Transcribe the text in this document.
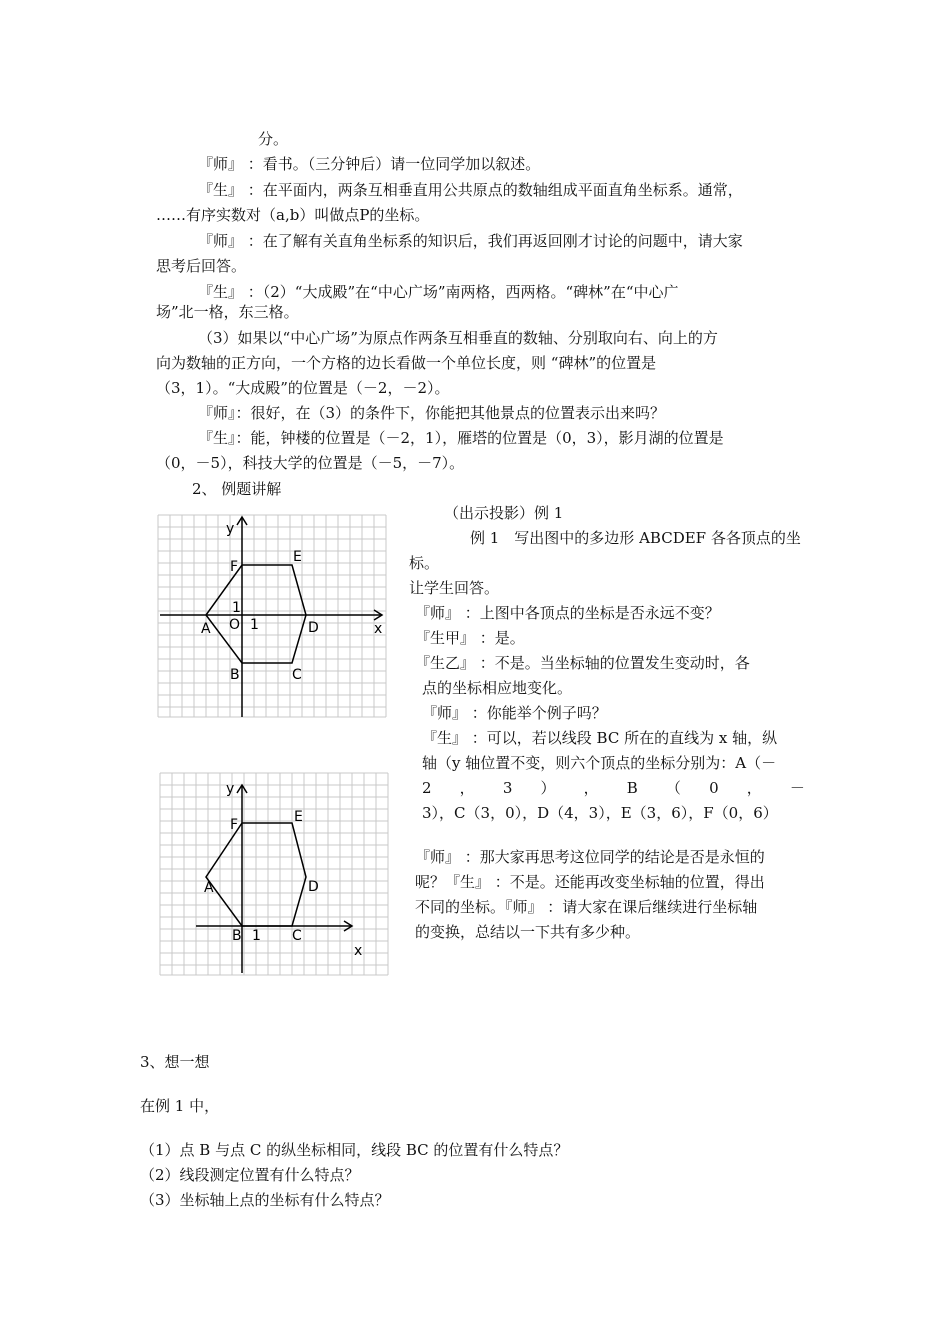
分。
『师』 ：看书。（三分钟后）请一位同学加以叙述。
『生』 ：在平面内，两条互相垂直用公共原点的数轴组成平面直角坐标系。通常，
……有序实数对（a,b）叫做点P的坐标。
『师』 ：在了解有关直角坐标系的知识后，我们再返回刚才讨论的问题中，请大家
思考后回答。
『生』 ：（2）“大成殿”在“中心广场”南两格，西两格。“碑林”在“中心广
场”北一格，东三格。
（3）如果以“中心广场”为原点作两条互相垂直的数轴、分别取向右、向上的方
向为数轴的正方向，一个方格的边长看做一个单位长度，则 “碑林”的位置是
（3，1）。“大成殿”的位置是（－2，－2）。
『师』：很好，在（3）的条件下，你能把其他景点的位置表示出来吗？
『生』：能，钟楼的位置是（－2，1），雁塔的位置是（0，3），影月湖的位置是
（0，－5），科技大学的位置是（－5，－7）。
2、 例题讲解
（出示投影）例 1
例 1　写出图中的多边形 ABCDEF 各各顶点的坐
标。
让学生回答。
『师』 ：上图中各顶点的坐标是否永远不变？
『生甲』 ：是。
『生乙』 ：不是。当坐标轴的位置发生变动时，各
点的坐标相应地变化。
『师』 ：你能举个例子吗？
『生』 ：可以，若以线段 BC 所在的直线为 x 轴，纵
轴（y 轴位置不变，则六个顶点的坐标分别为：A（－
2 ， 3 ） ， B （ 0 ， －
3），C（3，0），D（4，3），E（3，6），F（0，6）
『师』 ：那大家再思考这位同学的结论是否是永恒的
呢？『生』 ：不是。还能再改变坐标轴的位置，得出
不同的坐标。『师』 ：请大家在课后继续进行坐标轴
的变换，总结以一下共有多少种。
y
x
O 1
1
A
B	C
D
E
F
y
x
1
A
B	C
D
E
F
3、想一想
在例 1 中，
（1）点 B 与点 C 的纵坐标相同，线段 BC 的位置有什么特点？
（2）线段测定位置有什么特点？
（3）坐标轴上点的坐标有什么特点？
